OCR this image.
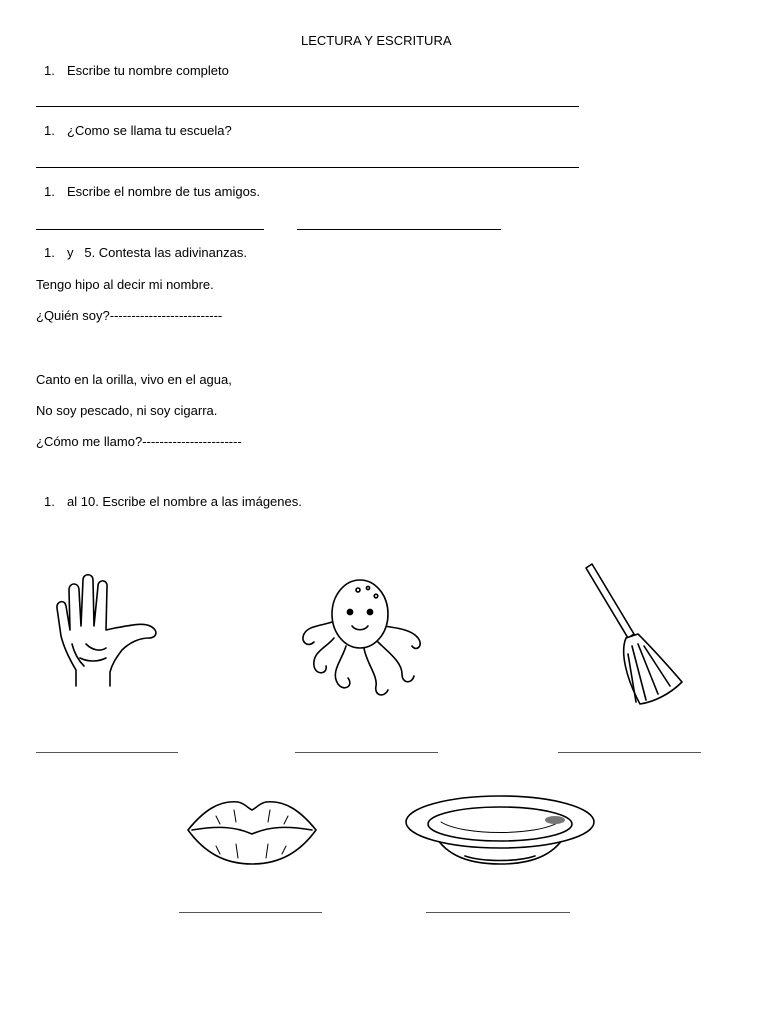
LECTURA Y ESCRITURA
1. Escribe tu nombre completo
1. ¿Como se llama tu escuela?
1. Escribe el nombre de tus amigos.
1. y   5. Contesta las adivinanzas.
Tengo hipo al decir mi nombre.
¿Quién soy?--------------------------
Canto en la orilla, vivo en el agua,
No soy pescado, ni soy cigarra.
¿Cómo me llamo?-----------------------
1. al 10. Escribe el nombre a las imágenes.
